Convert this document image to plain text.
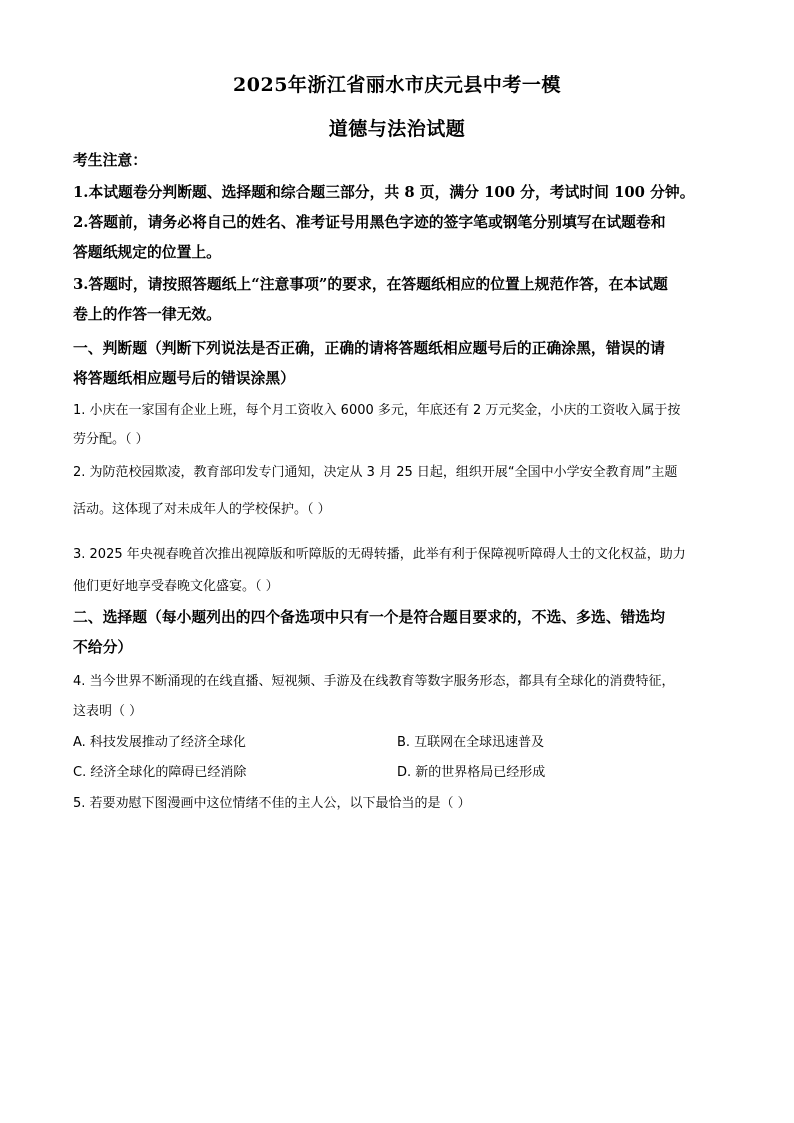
2025年浙江省丽水市庆元县中考一模
道德与法治试题
考生注意：
1.本试题卷分判断题、选择题和综合题三部分，共 8 页，满分 100 分，考试时间 100 分钟。
2.答题前，请务必将自己的姓名、准考证号用黑色字迹的签字笔或钢笔分别填写在试题卷和
答题纸规定的位置上。
3.答题时，请按照答题纸上“注意事项”的要求，在答题纸相应的位置上规范作答，在本试题
卷上的作答一律无效。
一、判断题（判断下列说法是否正确，正确的请将答题纸相应题号后的正确涂黑，错误的请
将答题纸相应题号后的错误涂黑）
1. 小庆在一家国有企业上班，每个月工资收入 6000 多元，年底还有 2 万元奖金，小庆的工资收入属于按
劳分配。（ ）
2. 为防范校园欺凌，教育部印发专门通知，决定从 3 月 25 日起，组织开展“全国中小学安全教育周”主题
活动。这体现了对未成年人的学校保护。（ ）
3. 2025 年央视春晚首次推出视障版和听障版的无碍转播，此举有利于保障视听障碍人士的文化权益，助力
他们更好地享受春晚文化盛宴。（ ）
二、选择题（每小题列出的四个备选项中只有一个是符合题目要求的，不选、多选、错选均
不给分）
4. 当今世界不断涌现的在线直播、短视频、手游及在线教育等数字服务形态，都具有全球化的消费特征，
这表明（ ）
A. 科技发展推动了经济全球化	B. 互联网在全球迅速普及
C. 经济全球化的障碍已经消除	D. 新的世界格局已经形成
5. 若要劝慰下图漫画中这位情绪不佳的主人公，以下最恰当的是（ ）
